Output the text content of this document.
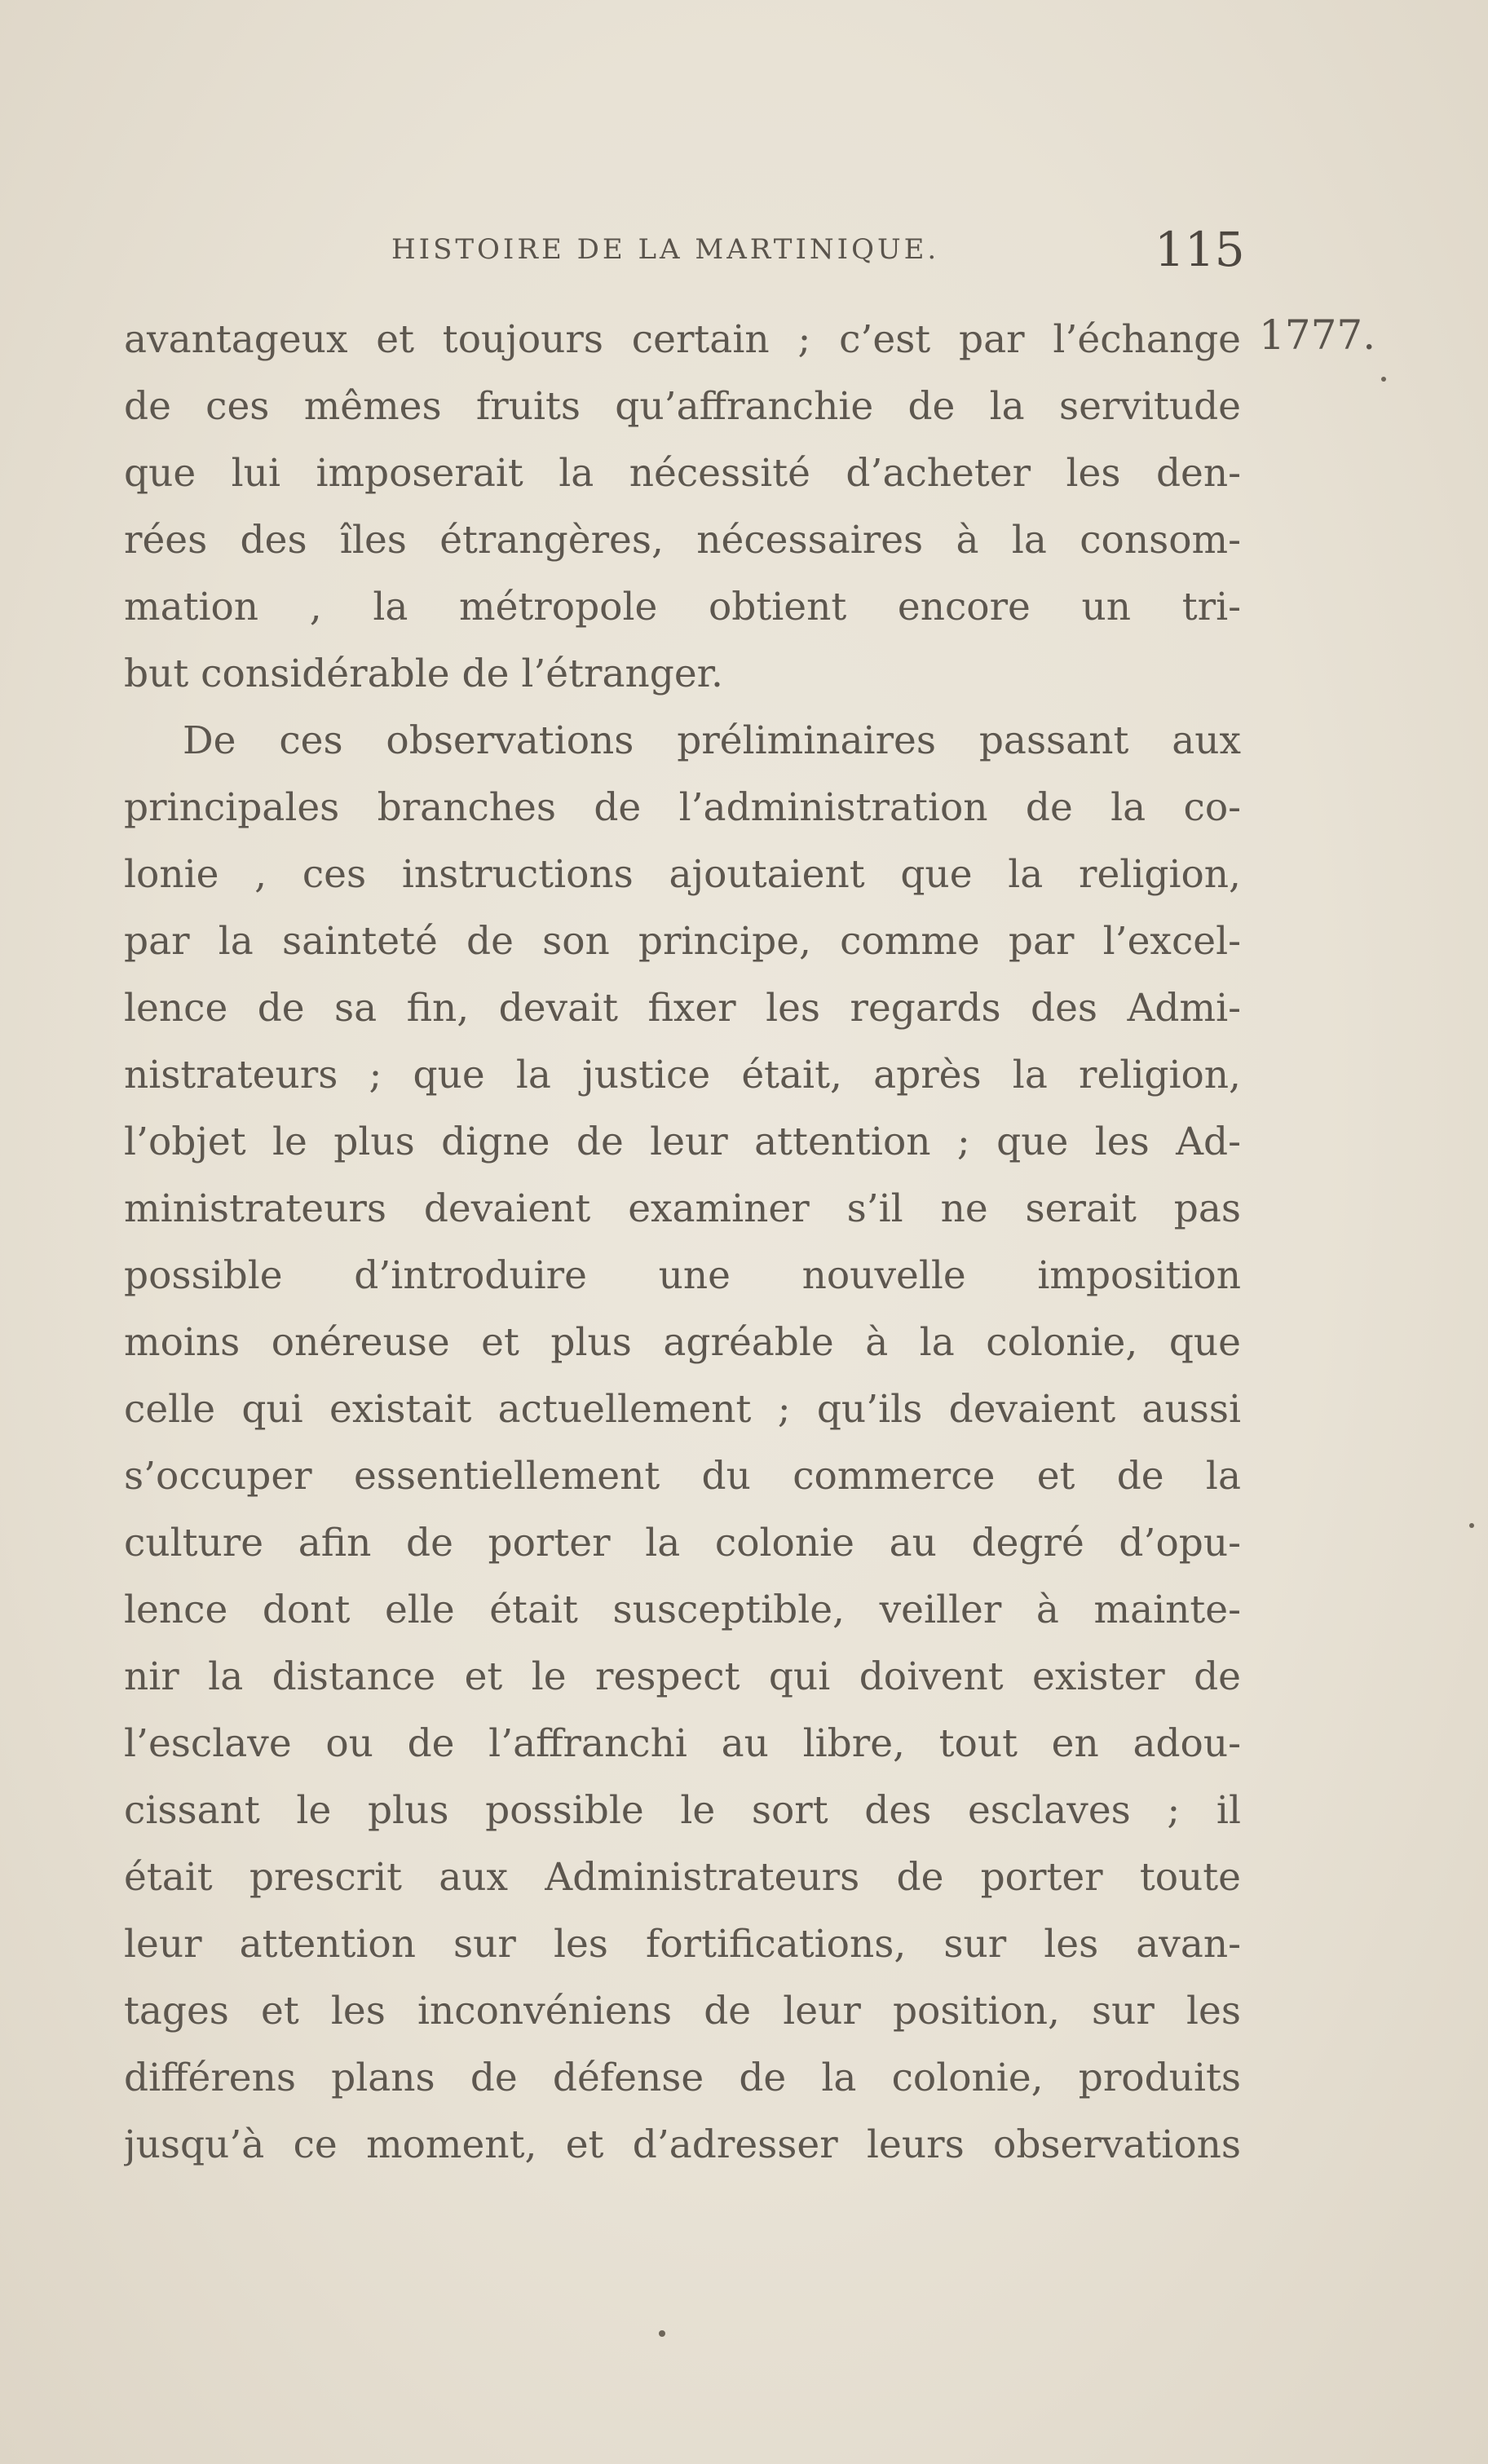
HISTOIRE DE LA MARTINIQUE.	115
1777.
avantageux et toujours certain ; c’est par l’échange
de ces mêmes fruits qu’affranchie de la servitude
que lui imposerait la nécessité d’acheter les den-
rées des îles étrangères, nécessaires à la consom-
mation , la métropole obtient encore un tri-
but considérable de l’étranger.
De ces observations préliminaires passant aux
principales branches de l’administration de la co-
lonie , ces instructions ajoutaient que la religion,
par la sainteté de son principe, comme par l’excel-
lence de sa fin, devait fixer les regards des Admi-
nistrateurs ; que la justice était, après la religion,
l’objet le plus digne de leur attention ; que les Ad-
ministrateurs devaient examiner s’il ne serait pas
possible d’introduire une nouvelle imposition
moins onéreuse et plus agréable à la colonie, que
celle qui existait actuellement ; qu’ils devaient aussi
s’occuper essentiellement du commerce et de la
culture afin de porter la colonie au degré d’opu-
lence dont elle était susceptible, veiller à mainte-
nir la distance et le respect qui doivent exister de
l’esclave ou de l’affranchi au libre, tout en adou-
cissant le plus possible le sort des esclaves ; il
était prescrit aux Administrateurs de porter toute
leur attention sur les fortifications, sur les avan-
tages et les inconvéniens de leur position, sur les
différens plans de défense de la colonie, produits
jusqu’à ce moment, et d’adresser leurs observations
